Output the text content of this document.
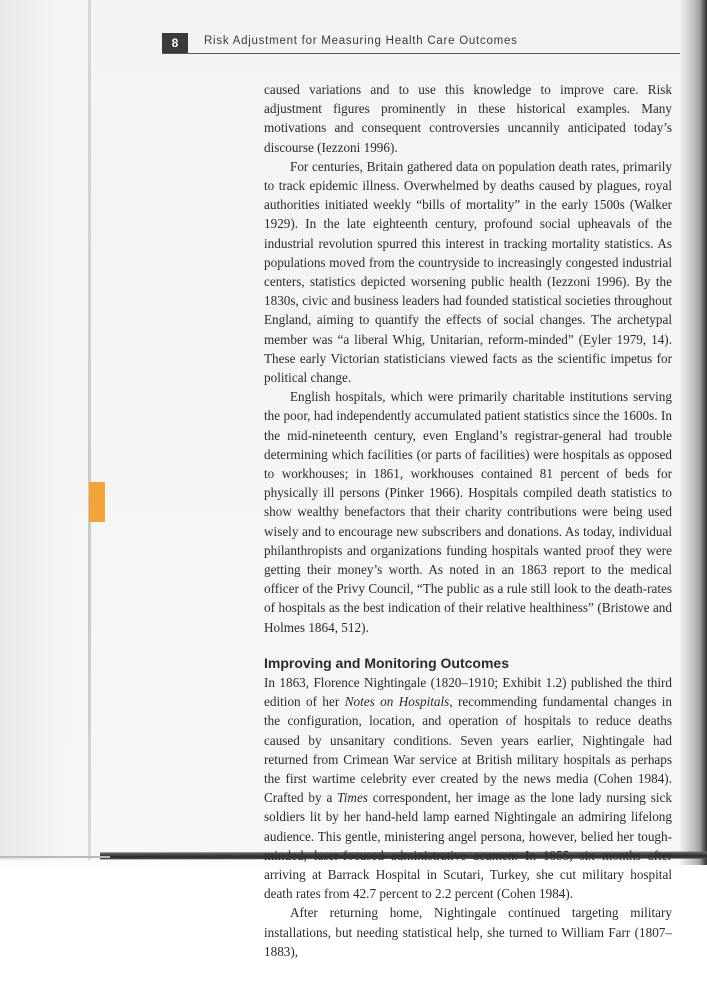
8	Risk Adjustment for Measuring Health Care Outcomes

caused variations and to use this knowledge to improve care. Risk adjustment figures prominently in these historical examples. Many motivations and consequent controversies uncannily anticipated today’s discourse (Iezzoni 1996).

For centuries, Britain gathered data on population death rates, primarily to track epidemic illness. Overwhelmed by deaths caused by plagues, royal authorities initiated weekly “bills of mortality” in the early 1500s (Walker 1929). In the late eighteenth century, profound social upheavals of the industrial revolution spurred this interest in tracking mortality statistics. As populations moved from the countryside to increasingly congested industrial centers, statistics depicted worsening public health (Iezzoni 1996). By the 1830s, civic and business leaders had founded statistical societies throughout England, aiming to quantify the effects of social changes. The archetypal member was “a liberal Whig, Unitarian, reform-minded” (Eyler 1979, 14). These early Victorian statisticians viewed facts as the scientific impetus for political change.

English hospitals, which were primarily charitable institutions serving the poor, had independently accumulated patient statistics since the 1600s. In the mid-nineteenth century, even England’s registrar-general had trouble determining which facilities (or parts of facilities) were hospitals as opposed to workhouses; in 1861, workhouses contained 81 percent of beds for physically ill persons (Pinker 1966). Hospitals compiled death statistics to show wealthy benefactors that their charity contributions were being used wisely and to encourage new subscribers and donations. As today, individual philanthropists and organizations funding hospitals wanted proof they were getting their money’s worth. As noted in an 1863 report to the medical officer of the Privy Council, “The public as a rule still look to the death-rates of hospitals as the best indication of their relative healthiness” (Bristowe and Holmes 1864, 512).

Improving and Monitoring Outcomes

In 1863, Florence Nightingale (1820–1910; Exhibit 1.2) published the third edition of her Notes on Hospitals, recommending fundamental changes in the configuration, location, and operation of hospitals to reduce deaths caused by unsanitary conditions. Seven years earlier, Nightingale had returned from Crimean War service at British military hospitals as perhaps the first wartime celebrity ever created by the news media (Cohen 1984). Crafted by a Times correspondent, her image as the lone lady nursing sick soldiers lit by her hand-held lamp earned Nightingale an admiring lifelong audience. This gentle, ministering angel persona, however, belied her tough-minded, laser-focused administrative acumen: In 1855, six months after arriving at Barrack Hospital in Scutari, Turkey, she cut military hospital death rates from 42.7 percent to 2.2 percent (Cohen 1984).

After returning home, Nightingale continued targeting military installations, but needing statistical help, she turned to William Farr (1807–1883),
